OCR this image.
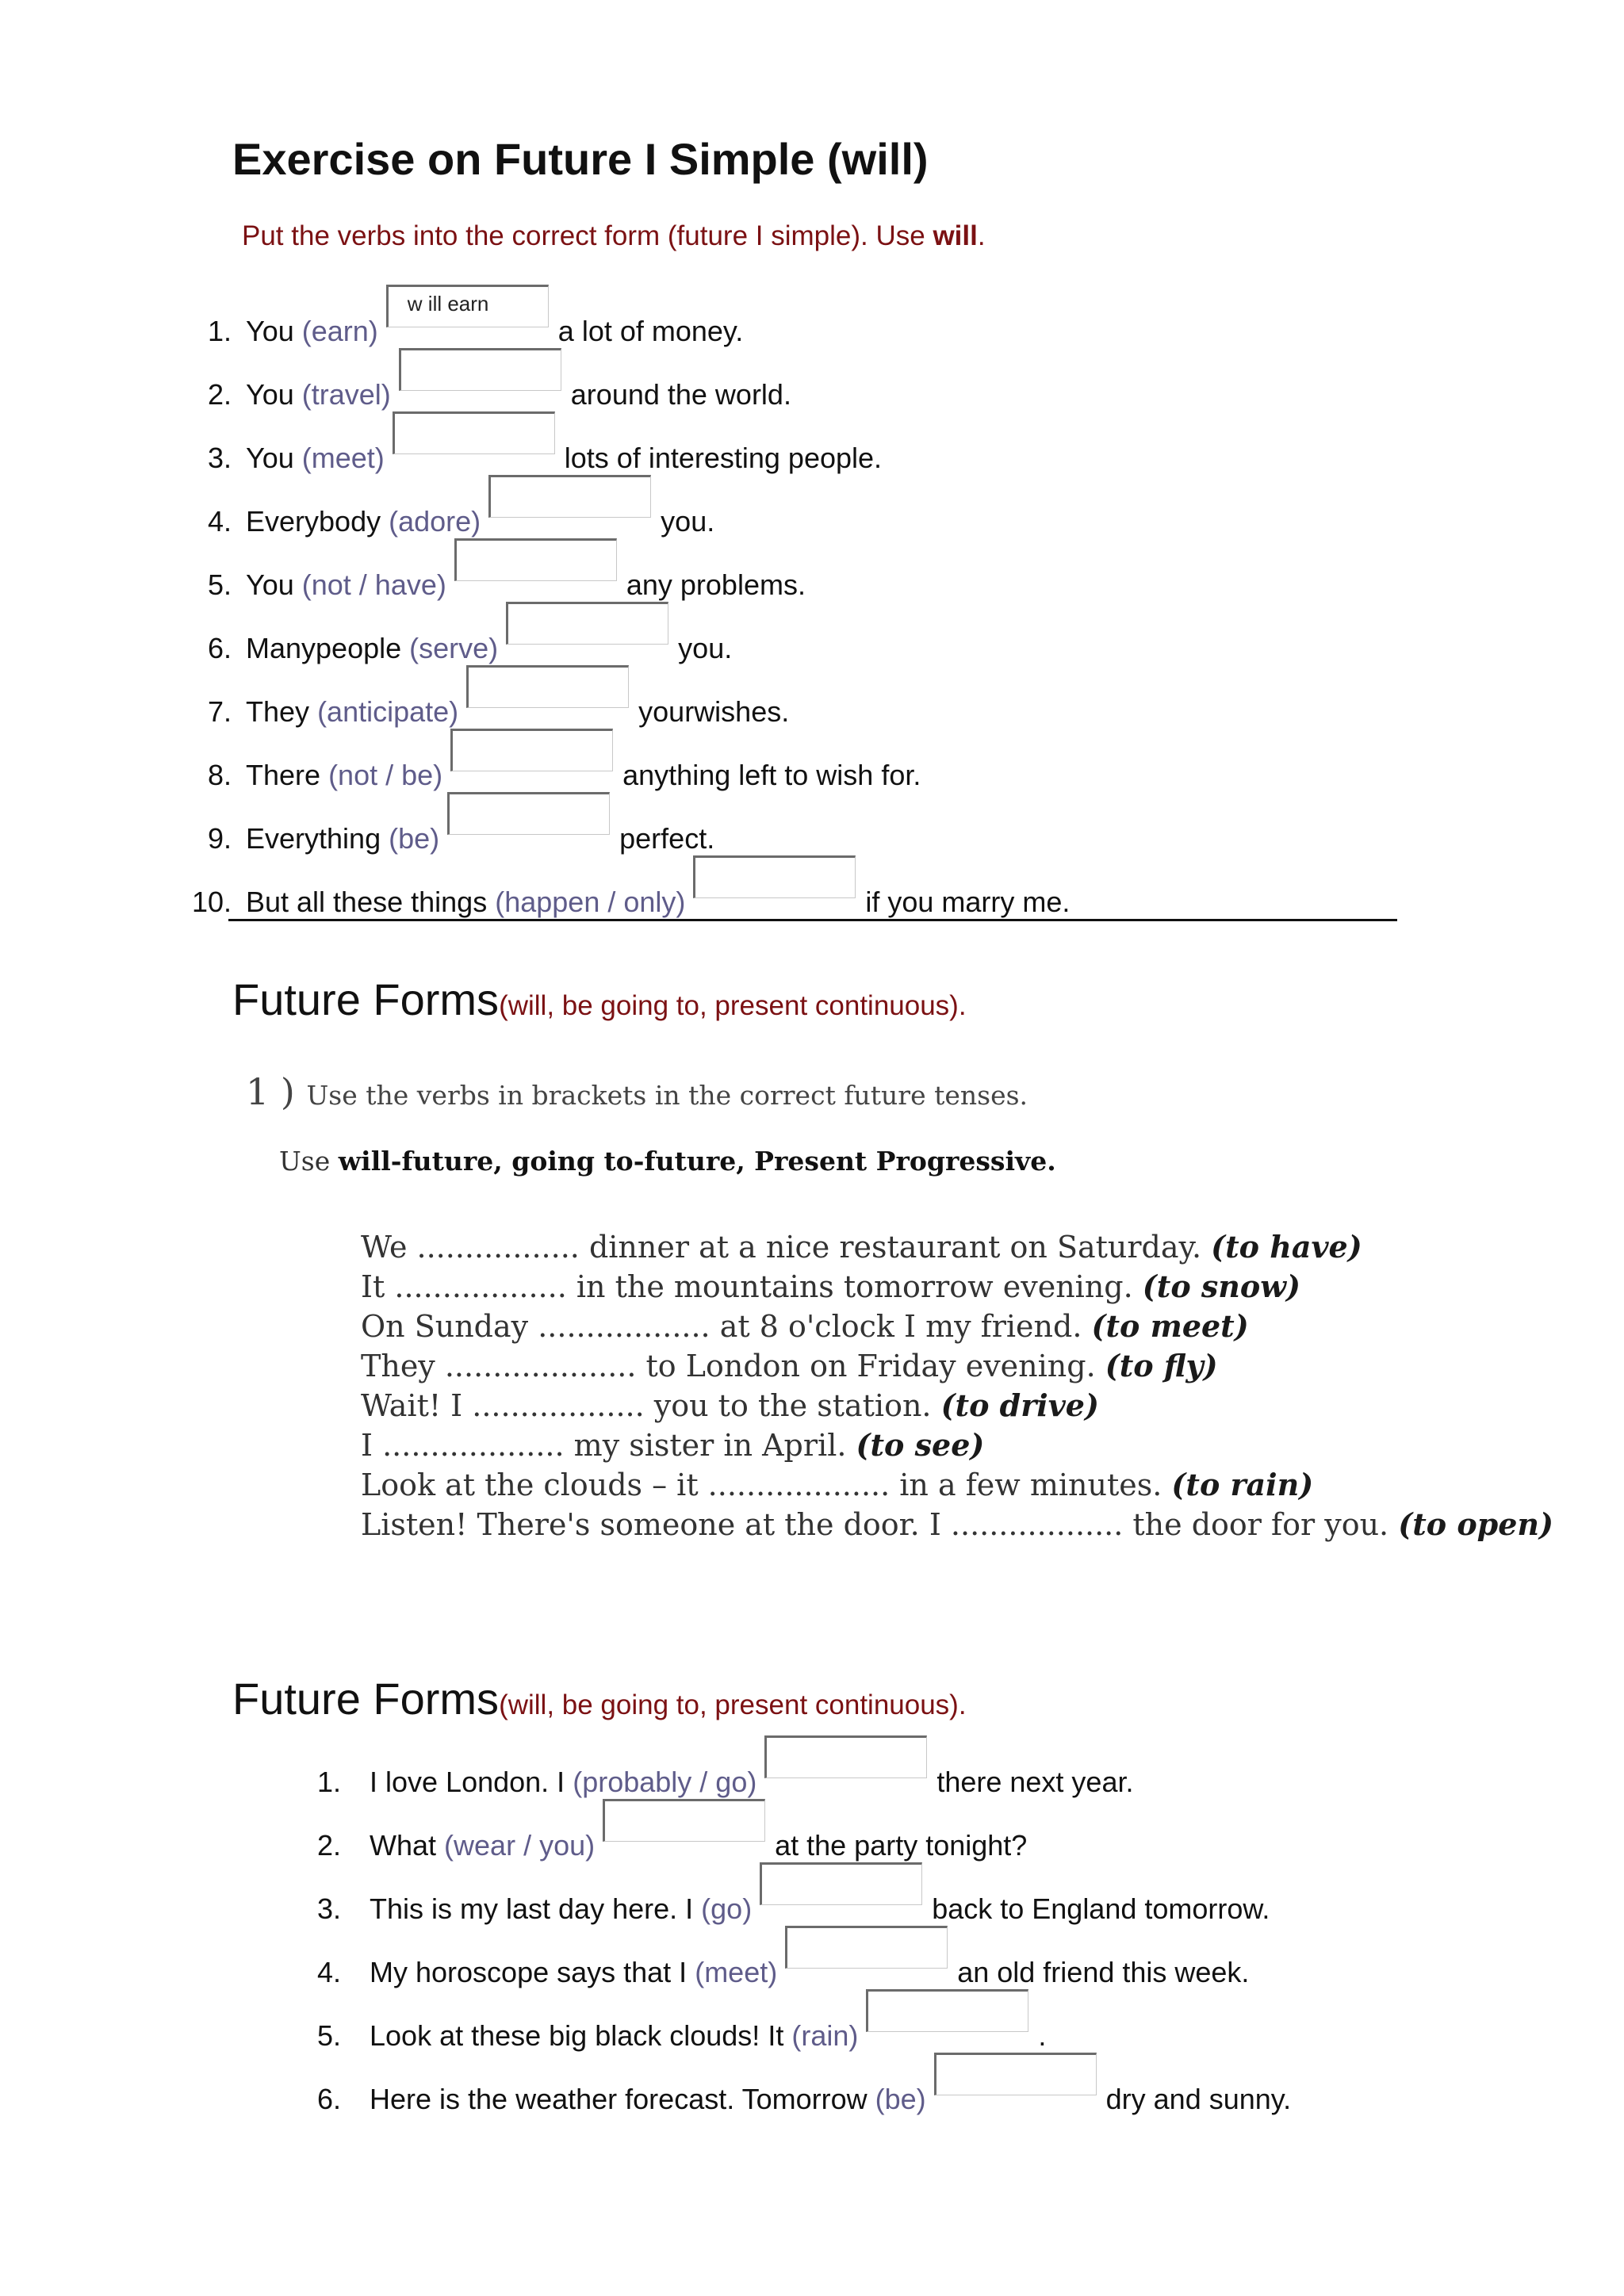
Exercise on Future I Simple (will)
Put the verbs into the correct form (future I simple). Use will.
1. You
(earn)
w ill earn
a lot of money.
2. You
(travel)	around the world.
3. You
(meet)	lots of interesting people.
4. Everybody
(adore)	you.
5. You
(not / have)	any problems.
6. Manypeople
(serve)	you.
7. They
(anticipate)	yourwishes.
8. There
(not / be)	anything left to wish for.
9. Everything
(be)	perfect.
10. But all these things
(happen / only)	if you marry me.
Future Forms(will, be going to, present continuous).
1 ) Use the verbs in brackets in the correct future tenses.
Use will-future, going to-future, Present Progressive.
We ................. dinner at a nice restaurant on Saturday. (to have)
It .................. in the mountains tomorrow evening. (to snow)
On Sunday .................. at 8 o'clock I my friend. (to meet)
They .................... to London on Friday evening. (to fly)
Wait! I .................. you to the station. (to drive)
I ................... my sister in April. (to see)
Look at the clouds – it ................... in a few minutes. (to rain)
Listen! There's someone at the door. I .................. the door for you. (to open)
Future Forms(will, be going to, present continuous).
1. I love London. I
(probably / go)	there next year.
2. What
(wear / you)	at the party tonight?
3. This is my last day here. I
(go)	back to England tomorrow.
4. My horoscope says that I
(meet)	an old friend this week.
5. Look at these big black clouds! It
(rain)	.
6. Here is the weather forecast. Tomorrow
(be)	dry and sunny.
